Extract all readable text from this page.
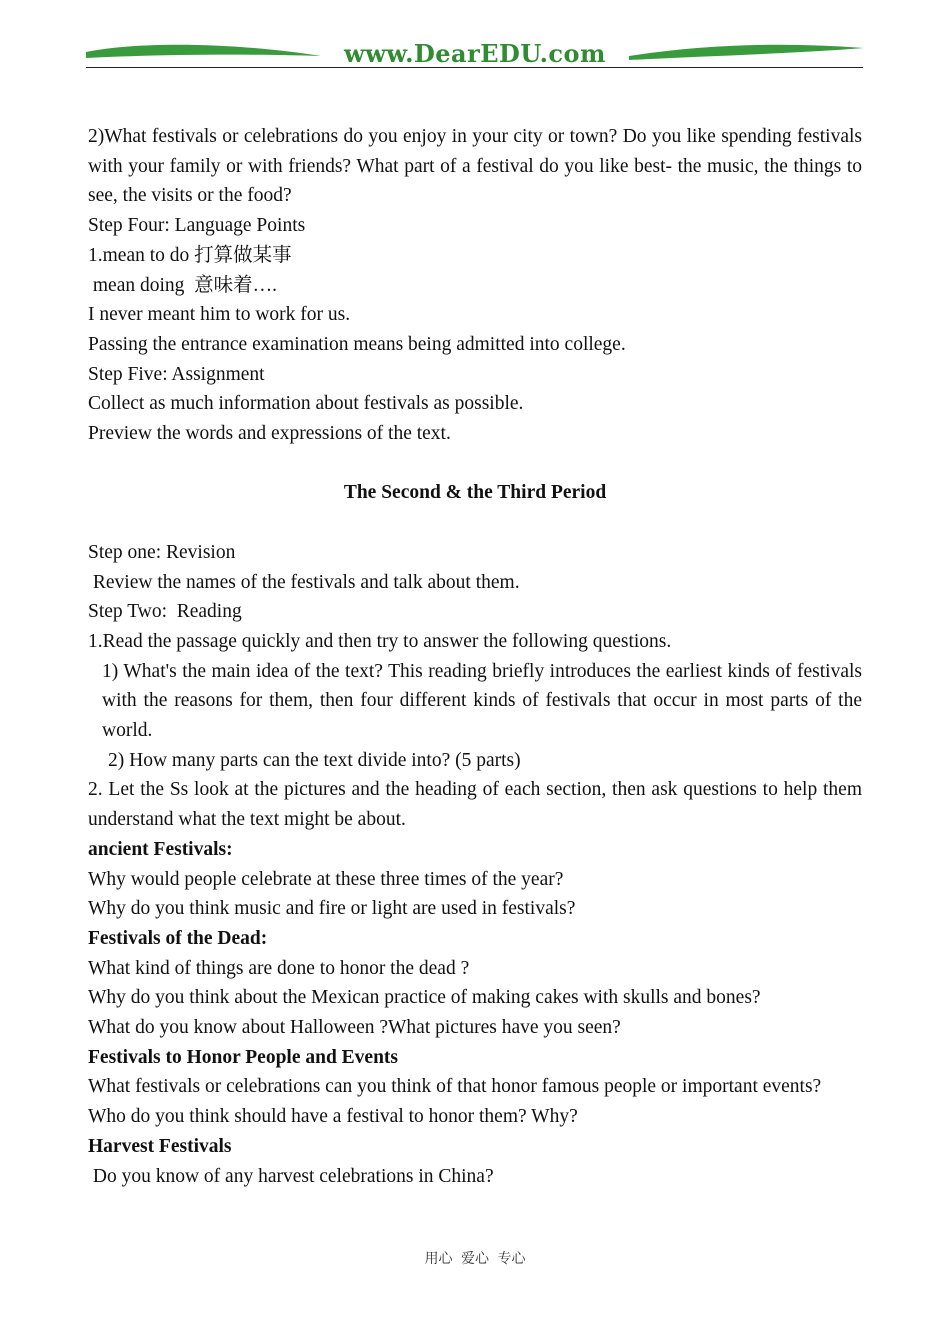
www.DearEDU.com

2)What festivals or celebrations do you enjoy in your city or town? Do you like spending festivals with your family or with friends? What part of a festival do you like best- the music, the things to see, the visits or the food?

Step Four: Language Points

1.mean to do 打算做某事

mean doing  意味着….

I never meant him to work for us.

Passing the entrance examination means being admitted into college.

Step Five: Assignment

Collect as much information about festivals as possible.

Preview the words and expressions of the text.

The Second & the Third Period

Step one: Revision

Review the names of the festivals and talk about them.

Step Two:  Reading

1.Read the passage quickly and then try to answer the following questions.

1) What's the main idea of the text? This reading briefly introduces the earliest kinds of festivals with the reasons for them, then four different kinds of festivals that occur in most parts of the world.

2) How many parts can the text divide into? (5 parts)

2. Let the Ss look at the pictures and the heading of each section, then ask questions to help them understand what the text might be about.

ancient Festivals:

Why would people celebrate at these three times of the year?

Why do you think music and fire or light are used in festivals?

Festivals of the Dead:

What kind of things are done to honor the dead ?

Why do you think about the Mexican practice of making cakes with skulls and bones?

What do you know about Halloween ?What pictures have you seen?

Festivals to Honor People and Events

What festivals or celebrations can you think of that honor famous people or important events?

Who do you think should have a festival to honor them? Why?

Harvest Festivals

Do you know of any harvest celebrations in China?

用心 爱心 专心
